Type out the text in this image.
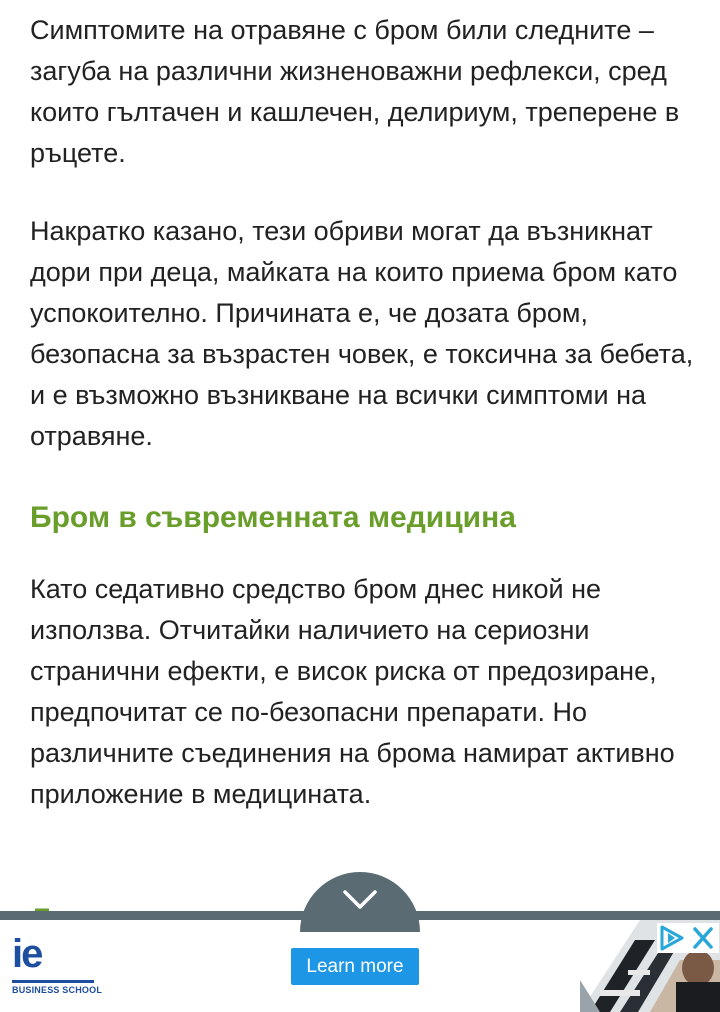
Симптомите на отравяне с бром били следните – загуба на различни жизненоважни рефлекси, сред които гълтачен и кашлечен, делириум, треперене в ръцете.

Накратко казано, тези обриви могат да възникнат дори при деца, майката на които приема бром като успокоително. Причината е, че дозата бром, безопасна за възрастен човек, е токсична за бебета, и е възможно възникване на всички симптоми на отравяне.

Бром в съвременната медицина

Като седативно средство бром днес никой не използва. Отчитайки наличието на сериозни странични ефекти, е висок риска от предозиране, предпочитат се по-безопасни препарати. Но различните съединения на брома намират активно приложение в медицината.

ie
BUSINESS SCHOOL
Learn more
